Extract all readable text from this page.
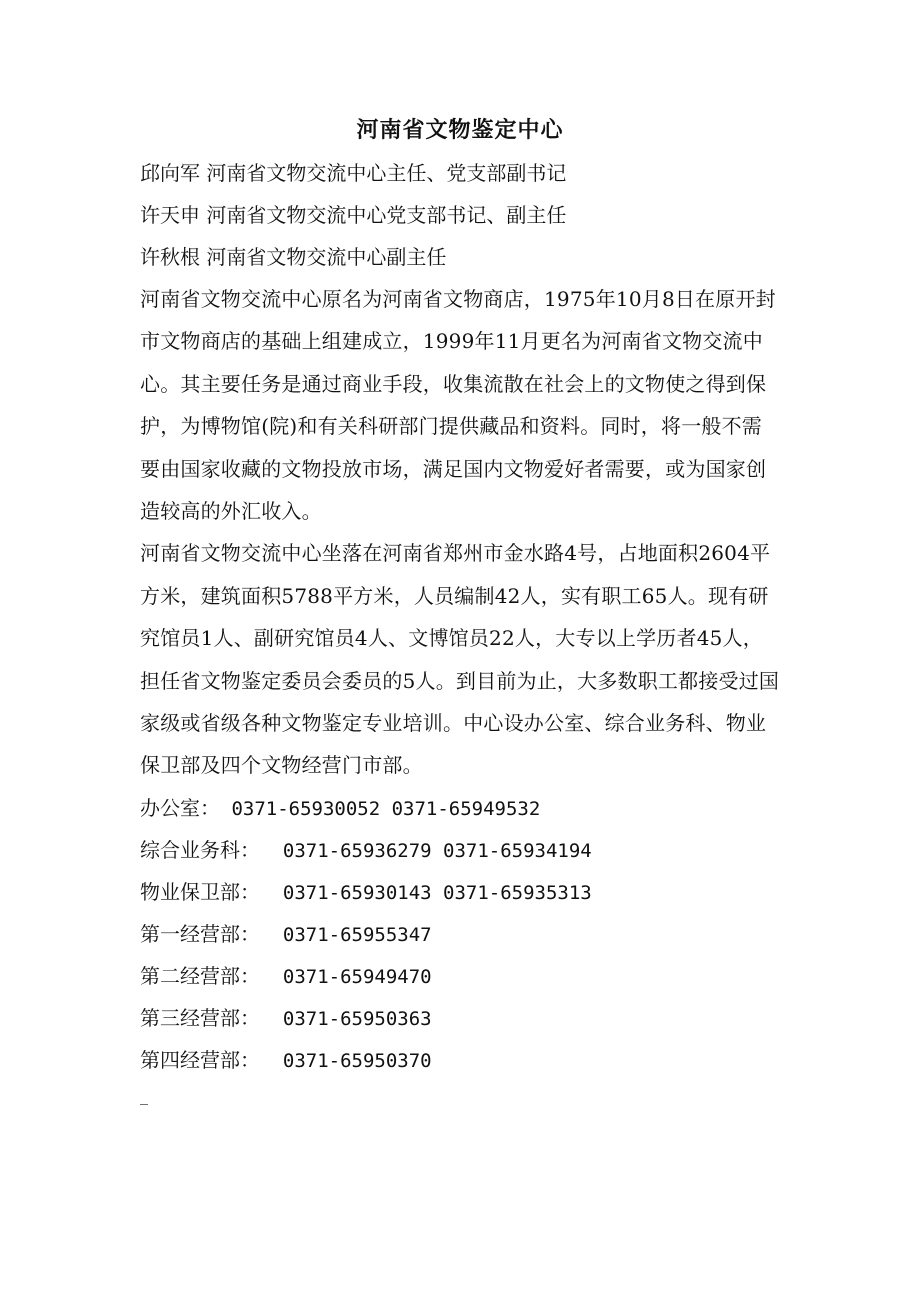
河南省文物鉴定中心

邱向军 河南省文物交流中心主任、党支部副书记

许天申 河南省文物交流中心党支部书记、副主任

许秋根 河南省文物交流中心副主任

河南省文物交流中心原名为河南省文物商店，1975年10月8日在原开封市文物商店的基础上组建成立，1999年11月更名为河南省文物交流中心。其主要任务是通过商业手段，收集流散在社会上的文物使之得到保护，为博物馆(院)和有关科研部门提供藏品和资料。同时，将一般不需要由国家收藏的文物投放市场，满足国内文物爱好者需要，或为国家创造较高的外汇收入。

河南省文物交流中心坐落在河南省郑州市金水路4号，占地面积2604平方米，建筑面积5788平方米，人员编制42人，实有职工65人。现有研究馆员1人、副研究馆员4人、文博馆员22人，大专以上学历者45人，担任省文物鉴定委员会委员的5人。到目前为止，大多数职工都接受过国家级或省级各种文物鉴定专业培训。中心设办公室、综合业务科、物业保卫部及四个文物经营门市部。

办公室： 0371-65930052 0371-65949532

综合业务科：  0371-65936279 0371-65934194

物业保卫部：  0371-65930143 0371-65935313

第一经营部：  0371-65955347

第二经营部：  0371-65949470

第三经营部：  0371-65950363

第四经营部：  0371-65950370

_
